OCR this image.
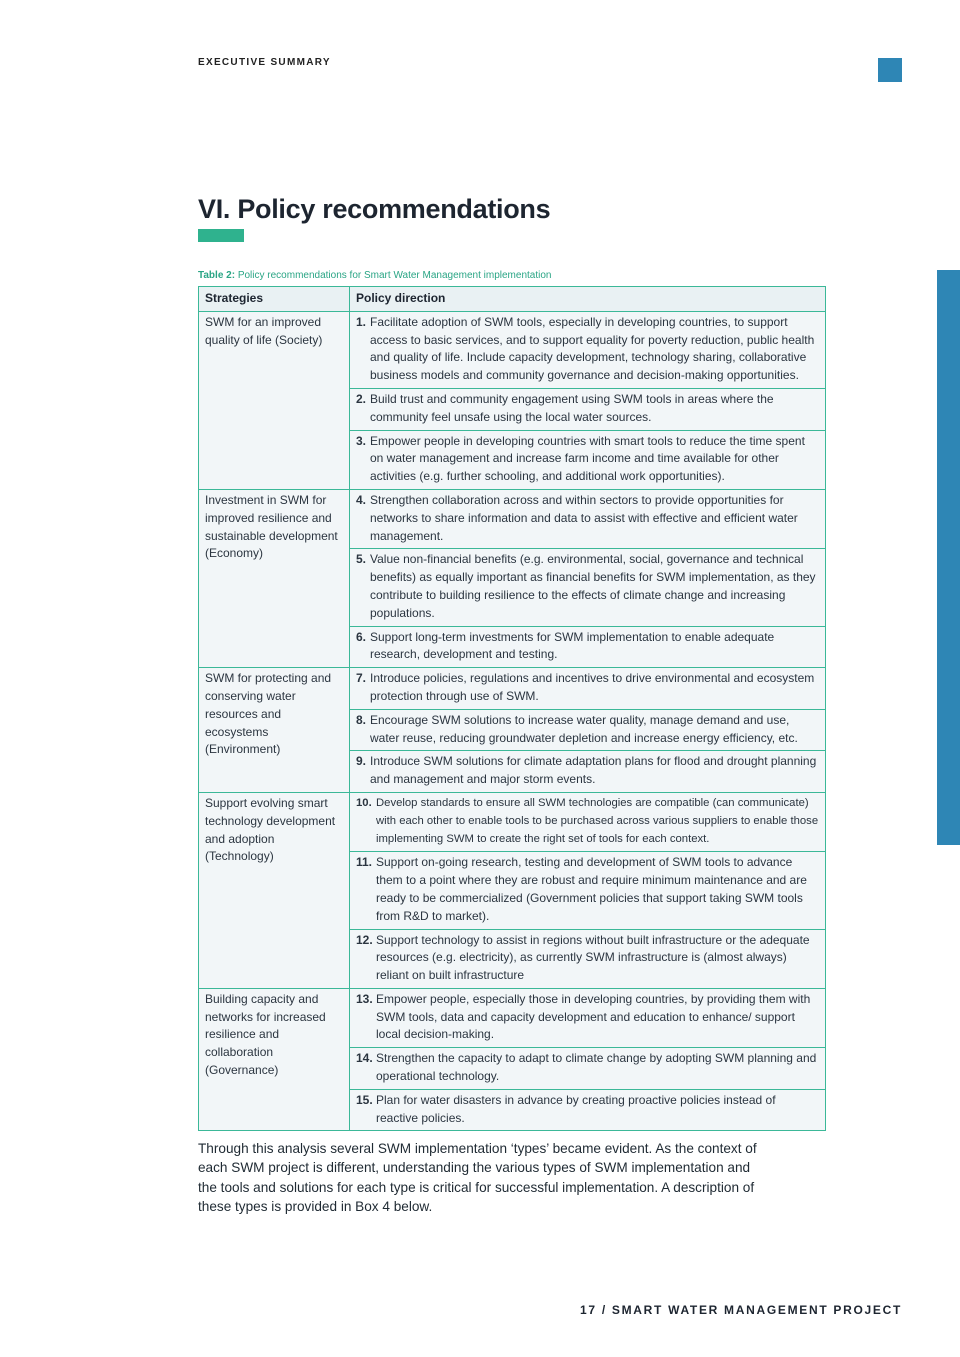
EXECUTIVE SUMMARY
VI. Policy recommendations
Table 2: Policy recommendations for Smart Water Management implementation
Strategies	Policy direction
SWM for an improved quality of life (Society)	1. Facilitate adoption of SWM tools, especially in developing countries, to support access to basic services, and to support equality for poverty reduction, public health and quality of life. Include capacity development, technology sharing, collaborative business models and community governance and decision-making opportunities.

	2. Build trust and community engagement using SWM tools in areas where the community feel unsafe using the local water sources.

	3. Empower people in developing countries with smart tools to reduce the time spent on water management and increase farm income and time available for other activities (e.g. further schooling, and additional work opportunities).

Investment in SWM for improved resilience and sustainable development (Economy)	4. Strengthen collaboration across and within sectors to provide opportunities for networks to share information and data to assist with effective and efficient water management.

	5. Value non-financial benefits (e.g. environmental, social, governance and technical benefits) as equally important as financial benefits for SWM implementation, as they contribute to building resilience to the effects of climate change and increasing populations.

	6. Support long-term investments for SWM implementation to enable adequate research, development and testing.

SWM for protecting and conserving water resources and ecosystems (Environment)	7. Introduce policies, regulations and incentives to drive environmental and ecosystem protection through use of SWM.

	8. Encourage SWM solutions to increase water quality, manage demand and use, water reuse, reducing groundwater depletion and increase energy efficiency, etc.

	9. Introduce SWM solutions for climate adaptation plans for flood and drought planning and management and major storm events.

Support evolving smart technology development and adoption (Technology)	10. Develop standards to ensure all SWM technologies are compatible (can communicate) with each other to enable tools to be purchased across various suppliers to enable those implementing SWM to create the right set of tools for each context.

	11. Support on-going research, testing and development of SWM tools to advance them to a point where they are robust and require minimum maintenance and are ready to be commercialized (Government policies that support taking SWM tools from R&D to market).

	12. Support technology to assist in regions without built infrastructure or the adequate resources (e.g. electricity), as currently SWM infrastructure is (almost always) reliant on built infrastructure

Building capacity and networks for increased resilience and collaboration (Governance)	13. Empower people, especially those in developing countries, by providing them with SWM tools, data and capacity development and education to enhance/ support local decision-making.

	14. Strengthen the capacity to adapt to climate change by adopting SWM planning and operational technology.

	15. Plan for water disasters in advance by creating proactive policies instead of reactive policies.

Through this analysis several SWM implementation ‘types’ became evident. As the context of each SWM project is different, understanding the various types of SWM implementation and the tools and solutions for each type is critical for successful implementation. A description of these types is provided in Box 4 below.

17 / SMART WATER MANAGEMENT PROJECT
